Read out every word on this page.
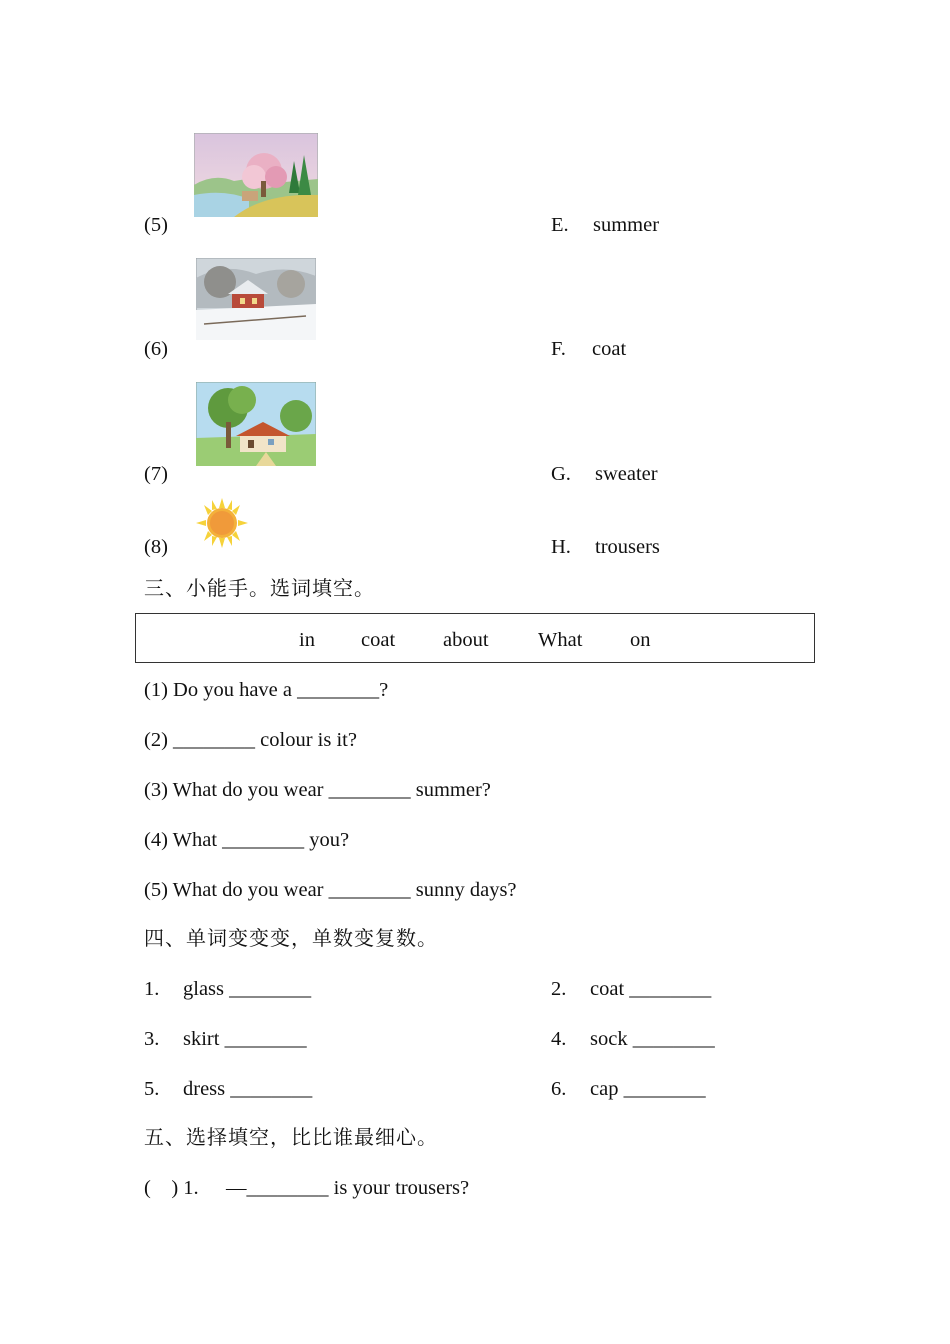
(5)	E. summer
(6)	F. coat
(7)	G. sweater
(8)	H. trousers
三、小能手。选词填空。
in coat about What on
(1) Do you have a ________?
(2) ________ colour is it?
(3) What do you wear ________ summer?
(4) What ________ you?
(5) What do you wear ________ sunny days?
四、单词变变变，单数变复数。
1. glass ________	2. coat ________
3. skirt ________	4. sock ________
5. dress ________	6. cap ________
五、选择填空，比比谁最细心。
(    ) 1. —________ is your trousers?
